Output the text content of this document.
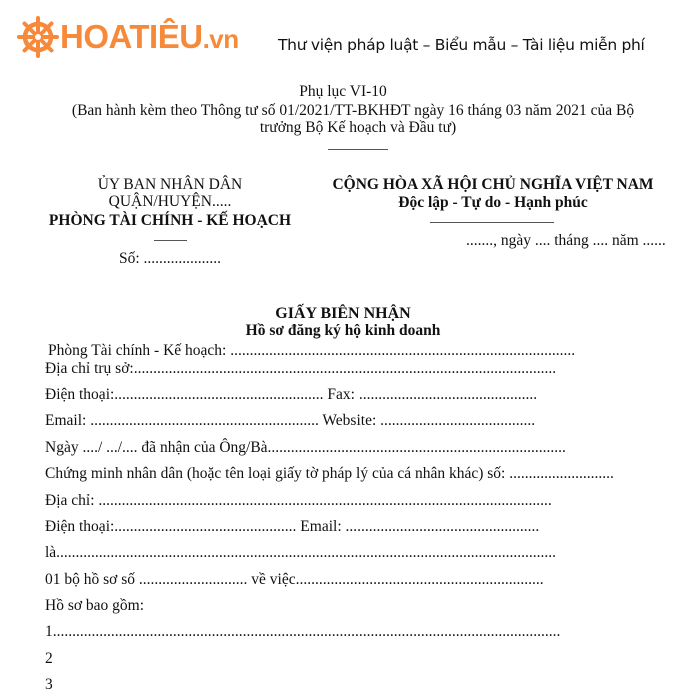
HOATIÊU.vn	Thư viện pháp luật – Biểu mẫu – Tài liệu miễn phí
Phụ lục VI-10
(Ban hành kèm theo Thông tư số 01/2021/TT-BKHĐT ngày 16 tháng 03 năm 2021 của Bộ
trưởng Bộ Kế hoạch và Đầu tư)
ỦY BAN NHÂN DÂN
QUẬN/HUYỆN.....
PHÒNG TÀI CHÍNH - KẾ HOẠCH
Số: ....................
CỘNG HÒA XÃ HỘI CHỦ NGHĨA VIỆT NAM
Độc lập - Tự do - Hạnh phúc
......., ngày .... tháng .... năm ......
GIẤY BIÊN NHẬN
Hồ sơ đăng ký hộ kinh doanh
Phòng Tài chính - Kế hoạch: .........................................................................................
Địa chỉ trụ sở:.............................................................................................................
Điện thoại:...................................................... Fax: ..............................................
Email: ........................................................... Website: ........................................
Ngày ..../ .../.... đã nhận của Ông/Bà.............................................................................
Chứng minh nhân dân (hoặc tên loại giấy tờ pháp lý của cá nhân khác) số: ...........................
Địa chỉ: .....................................................................................................................
Điện thoại:............................................... Email: ..................................................
là.................................................................................................................................
01 bộ hồ sơ số ............................ về việc................................................................
Hồ sơ bao gồm:
1...................................................................................................................................
2
3
